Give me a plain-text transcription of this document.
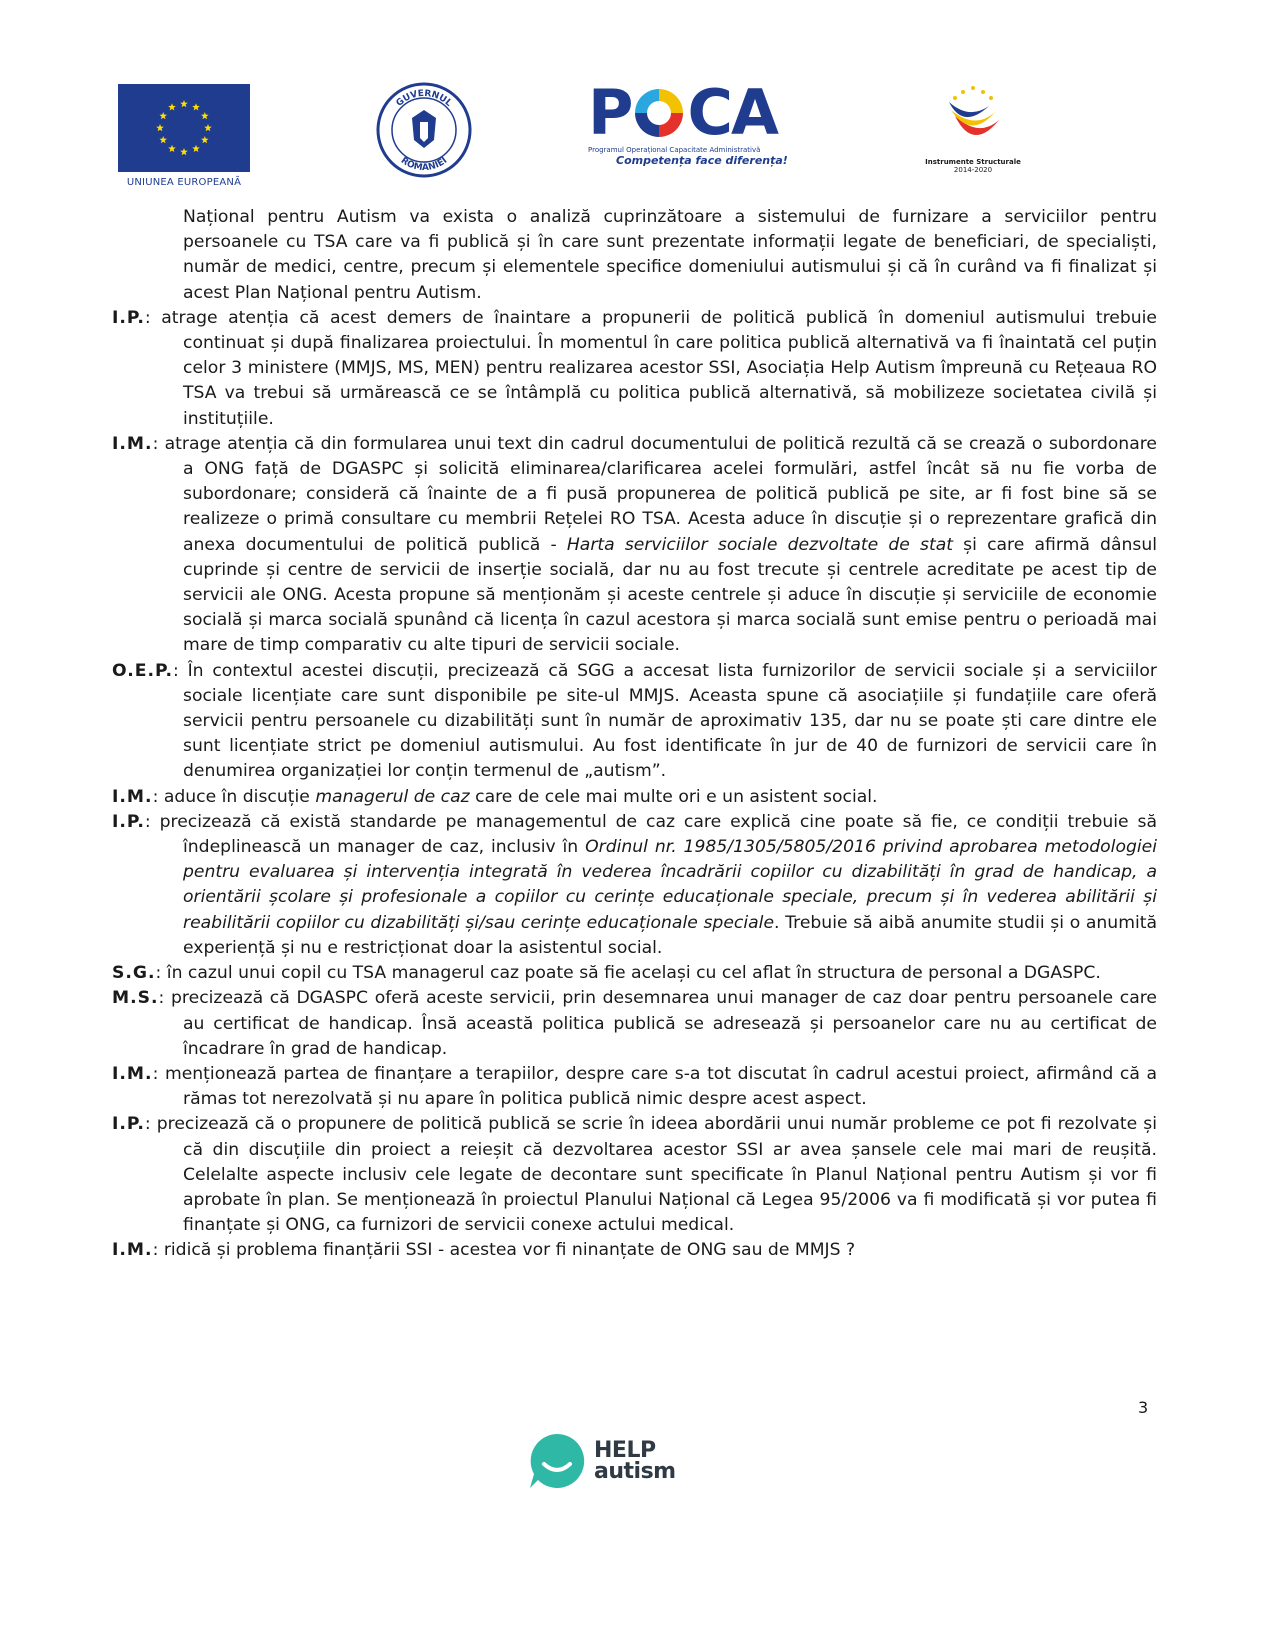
UNIUNEA EUROPEANĂ
GUVERNUL
ROMÂNIEI
P CA
Programul Operațional Capacitate Administrativă
Competența face diferența!	Instrumente Structurale
2014-2020

Național pentru Autism va exista o analiză cuprinzătoare a sistemului de furnizare a serviciilor pentru persoanele cu TSA care va fi publică și în care sunt prezentate informații legate de beneficiari, de specialiști, număr de medici, centre, precum și elementele specifice domeniului autismului și că în curând va fi finalizat și acest Plan Național pentru Autism.

I.P.: atrage atenția că acest demers de înaintare a propunerii de politică publică în domeniul autismului trebuie continuat și după finalizarea proiectului. În momentul în care politica publică alternativă va fi înaintată cel puțin celor 3 ministere (MMJS, MS, MEN) pentru realizarea acestor SSI, Asociația Help Autism împreună cu Rețeaua RO TSA va trebui să urmărească ce se întâmplă cu politica publică alternativă, să mobilizeze societatea civilă și instituțiile.

I.M.: atrage atenția că din formularea unui text din cadrul documentului de politică rezultă că se crează o subordonare a ONG față de DGASPC și solicită eliminarea/clarificarea acelei formulări, astfel încât să nu fie vorba de subordonare; consideră că înainte de a fi pusă propunerea de politică publică pe site, ar fi fost bine să se realizeze o primă consultare cu membrii Rețelei RO TSA. Acesta aduce în discuție și o reprezentare grafică din anexa documentului de politică publică - Harta serviciilor sociale dezvoltate de stat și care afirmă dânsul cuprinde și centre de servicii de inserție socială, dar nu au fost trecute și centrele acreditate pe acest tip de servicii ale ONG. Acesta propune să menționăm și aceste centrele și aduce în discuție și serviciile de economie socială și marca socială spunând că licența în cazul acestora și marca socială sunt emise pentru o perioadă mai mare de timp comparativ cu alte tipuri de servicii sociale.

O.E.P.: În contextul acestei discuții, precizează că SGG a accesat lista furnizorilor de servicii sociale și a serviciilor sociale licențiate care sunt disponibile pe site-ul MMJS. Aceasta spune că asociațiile și fundațiile care oferă servicii pentru persoanele cu dizabilități sunt în număr de aproximativ 135, dar nu se poate ști care dintre ele sunt licențiate strict pe domeniul autismului. Au fost identificate în jur de 40 de furnizori de servicii care în denumirea organizației lor conțin termenul de „autism”.

I.M.: aduce în discuție managerul de caz care de cele mai multe ori e un asistent social.

I.P.: precizează că există standarde pe managementul de caz care explică cine poate să fie, ce condiții trebuie să îndeplinească un manager de caz, inclusiv în Ordinul nr. 1985/1305/5805/2016 privind aprobarea metodologiei pentru evaluarea și intervenția integrată în vederea încadrării copiilor cu dizabilități în grad de handicap, a orientării școlare și profesionale a copiilor cu cerințe educaționale speciale, precum și în vederea abilitării și reabilitării copiilor cu dizabilități și/sau cerințe educaționale speciale. Trebuie să aibă anumite studii și o anumită experiență și nu e restricționat doar la asistentul social.

S.G.: în cazul unui copil cu TSA managerul caz poate să fie același cu cel aflat în structura de personal a DGASPC.

M.S.: precizează că DGASPC oferă aceste servicii, prin desemnarea unui manager de caz doar pentru persoanele care au certificat de handicap. Însă această politica publică se adresează și persoanelor care nu au certificat de încadrare în grad de handicap.

I.M.: menționează partea de finanțare a terapiilor, despre care s-a tot discutat în cadrul acestui proiect, afirmând că a rămas tot nerezolvată și nu apare în politica publică nimic despre acest aspect.

I.P.: precizează că o propunere de politică publică se scrie în ideea abordării unui număr probleme ce pot fi rezolvate și că din discuțiile din proiect a reieșit că dezvoltarea acestor SSI ar avea șansele cele mai mari de reușită. Celelalte aspecte inclusiv cele legate de decontare sunt specificate în Planul Național pentru Autism și vor fi aprobate în plan. Se menționează în proiectul Planului Național că Legea 95/2006 va fi modificată și vor putea fi finanțate și ONG, ca furnizori de servicii conexe actului medical.

I.M.: ridică și problema finanțării SSI - acestea vor fi ninanțate de ONG sau de MMJS ?

3
HELP
autism
